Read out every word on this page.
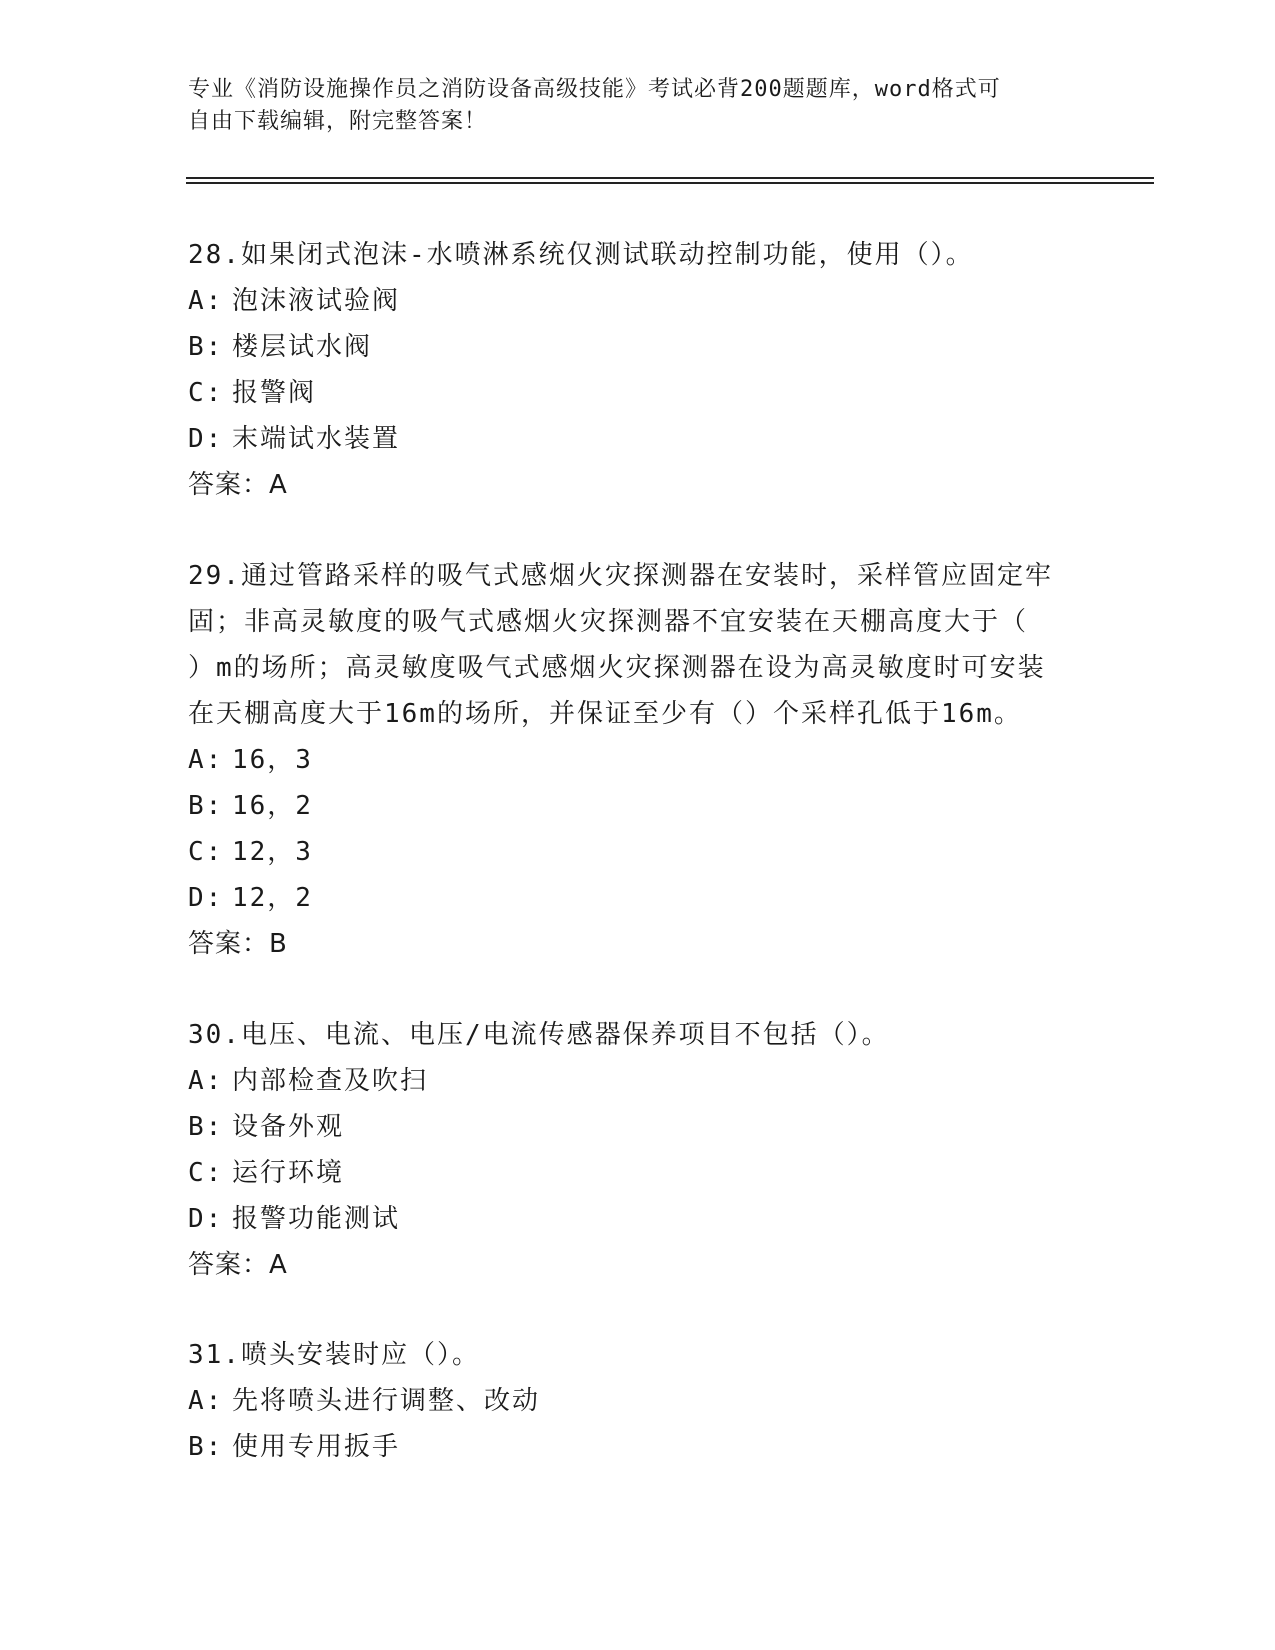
专业《消防设施操作员之消防设备高级技能》考试必背200题题库，word格式可
自由下载编辑，附完整答案！

28.如果闭式泡沫-水喷淋系统仅测试联动控制功能，使用（）。

A: 泡沫液试验阀

B: 楼层试水阀

C: 报警阀

D: 末端试水装置

答案：A

29.通过管路采样的吸气式感烟火灾探测器在安装时，采样管应固定牢

固；非高灵敏度的吸气式感烟火灾探测器不宜安装在天棚高度大于（

）m的场所；高灵敏度吸气式感烟火灾探测器在设为高灵敏度时可安装

在天棚高度大于16m的场所，并保证至少有（）个采样孔低于16m。

A: 16，3

B: 16，2

C: 12，3

D: 12，2

答案：B

30.电压、电流、电压/电流传感器保养项目不包括（）。

A: 内部检查及吹扫

B: 设备外观

C: 运行环境

D: 报警功能测试

答案：A

31.喷头安装时应（）。

A: 先将喷头进行调整、改动

B: 使用专用扳手
